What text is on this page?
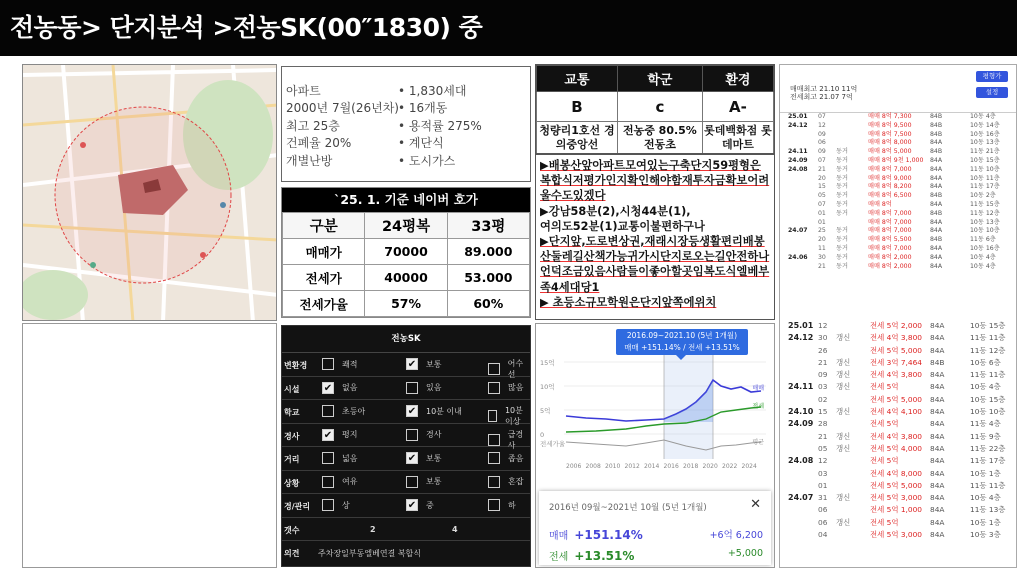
전농동> 단지분석 >전농SK(00″1830) 중
아파트
2000년 7월(26년차)
최고 25층
건폐율 20%
개별난방
• 1,830세대
• 16개동
• 용적률 275%
• 계단식
• 도시가스
`25. 1. 기준 네이버 호가
구분	24평복	33평
매매가	70000	89.000
전세가	40000	53.000
전세가율	57%	60%
교통	학군	환경
B	c	A-
청량리1호선 경의중앙선	전농중 80.5% 전동초	롯데백화점 롯데마트
▶배봉산앞아파트모여있는구축단지59평형은복합식저평가인지확인해야함재투자금확보어려울수도있겠다
▶강남58분(2),시청44분(1),
여의도52분(1)교통이불편하구나
▶단지앞,도로변상권,재래시장등생활편리배봉산둘레길산책가능귀가시단지로오는길안전하나언덕조금있음사람들이좋아할곳임복도식엘베부족4세대당1
▶ 초등소규모학원은단지앞쪽에위치
전농SK
변환경	쾌적	✔ 보통	어수선
시설 ✔ 없음	있음	많음
학교	초등아	✔ 10분 이내	10분 이상
경사 ✔ 평지	경사	급경사
거리	넓음	✔ 보통	좁음
상황	여유	보통	혼잡
경/관리	상	✔ 중	하
갯수	2	4
의견 주차장일부동엘베연결 복합식
15억
10억
5억
0
전세가율
2006 2008 2010 2012 2014 2016 2018 2020 2022 2024
매매
전세
평균
2016.09~2021.10 (5년 1개월)
매매 +151.14% / 전세 +13.51%
2016년 09월~2021년 10월 (5년 1개월)	✕
매매 +151.14%	+6억 6,200
전세 +13.51%	+5,000
평형가
설정
매매최고 21.10 11억
전세최고 21.07 7억
25.01 07	매매 8억 7,300	84B	10동 4층
24.12 12	매매 8억 9,500	84B	10동 14층
09	매매 8억 7,500	84B	10동 16층
06	매매 8억 8,000	84A	10동 13층
24.11 09 동거	매매 8억 5,000	84B	11동 21층
24.09 07 동거	매매 8억 9천 1,000 84A	10동 15층
24.08 21 동거	매매 8억 7,000	84A	11동 10층
20 동거	매매 8억 9,000	84A	10동 11층
15 동거	매매 8억 8,200	84A	11동 17층
05 동거	매매 8억 6,500	84B	10동 2층
07 동거	매매 8억	84A	11동 15층
01 동거	매매 8억 7,000	84B	11동 12층
01	매매 8억 7,000	84A	10동 13층
24.07 25 동거	매매 8억 7,000	84A	10동 10층
20 동거	매매 8억 5,500	84B	11동 6층
11 동거	매매 8억 7,000	84A	10동 16층
24.06 30 동거	매매 8억 2,000	84A	10동 4층
21 동거	매매 8억 2,000	84A	10동 4층
25.01 12	전세 5억 2,000 84A	10동 15층
24.12 30 갱신	전세 4억 3,800 84A	11동 11층
26	전세 5억 5,000 84A	11동 12층
21 갱신	전세 3억 7,464 84B	10동 6층
09 갱신	전세 4억 3,800 84A	11동 11층
24.11 03 갱신	전세 5억	84A	10동 4층
02	전세 5억 5,000 84A	10동 15층
24.10 15 갱신	전세 4억 4,100 84A	10동 10층
24.09 28	전세 5억	84A	11동 4층
21 갱신	전세 4억 3,800 84A	11동 9층
05 갱신	전세 5억 4,000 84A	11동 22층
24.08 12	전세 5억	84A	11동 17층
03	전세 4억 8,000 84A	10동 1층
01	전세 5억 5,000 84A	11동 11층
24.07 31 갱신	전세 5억 3,000 84A	10동 4층
06	전세 5억 1,000 84A	11동 13층
06 갱신	전세 5억	84A	10동 1층
04	전세 5억 3,000 84A	10동 3층
